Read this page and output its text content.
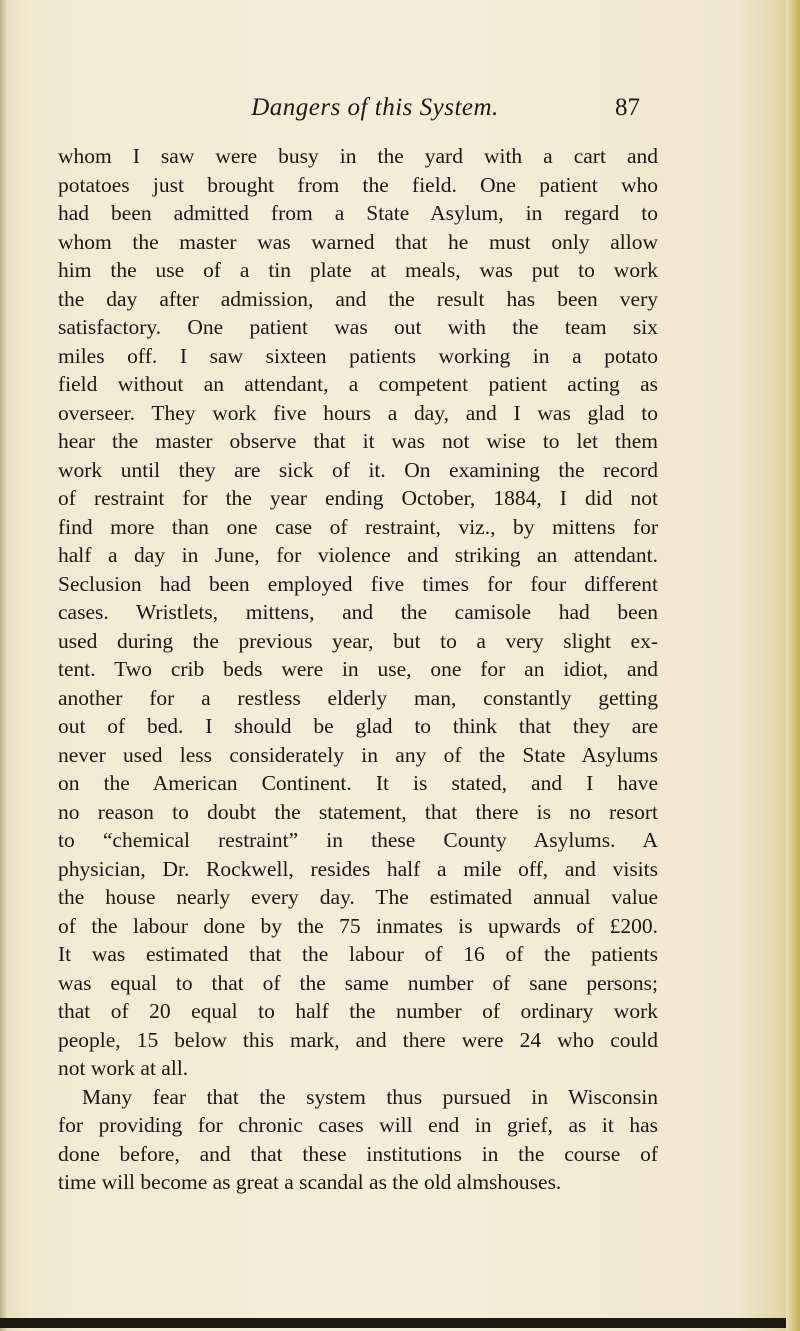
Dangers of this System.	87

whom I saw were busy in the yard with a cart and
potatoes just brought from the field. One patient who
had been admitted from a State Asylum, in regard to
whom the master was warned that he must only allow
him the use of a tin plate at meals, was put to work
the day after admission, and the result has been very
satisfactory. One patient was out with the team six
miles off. I saw sixteen patients working in a potato
field without an attendant, a competent patient acting as
overseer. They work five hours a day, and I was glad to
hear the master observe that it was not wise to let them
work until they are sick of it. On examining the record
of restraint for the year ending October, 1884, I did not
find more than one case of restraint, viz., by mittens for
half a day in June, for violence and striking an attendant.
Seclusion had been employed five times for four different
cases. Wristlets, mittens, and the camisole had been
used during the previous year, but to a very slight ex-
tent. Two crib beds were in use, one for an idiot, and
another for a restless elderly man, constantly getting
out of bed. I should be glad to think that they are
never used less considerately in any of the State Asylums
on the American Continent. It is stated, and I have
no reason to doubt the statement, that there is no resort
to “chemical restraint” in these County Asylums. A
physician, Dr. Rockwell, resides half a mile off, and visits
the house nearly every day. The estimated annual value
of the labour done by the 75 inmates is upwards of £200.
It was estimated that the labour of 16 of the patients
was equal to that of the same number of sane persons;
that of 20 equal to half the number of ordinary work
people, 15 below this mark, and there were 24 who could
not work at all.

Many fear that the system thus pursued in Wisconsin
for providing for chronic cases will end in grief, as it has
done before, and that these institutions in the course of
time will become as great a scandal as the old almshouses.
